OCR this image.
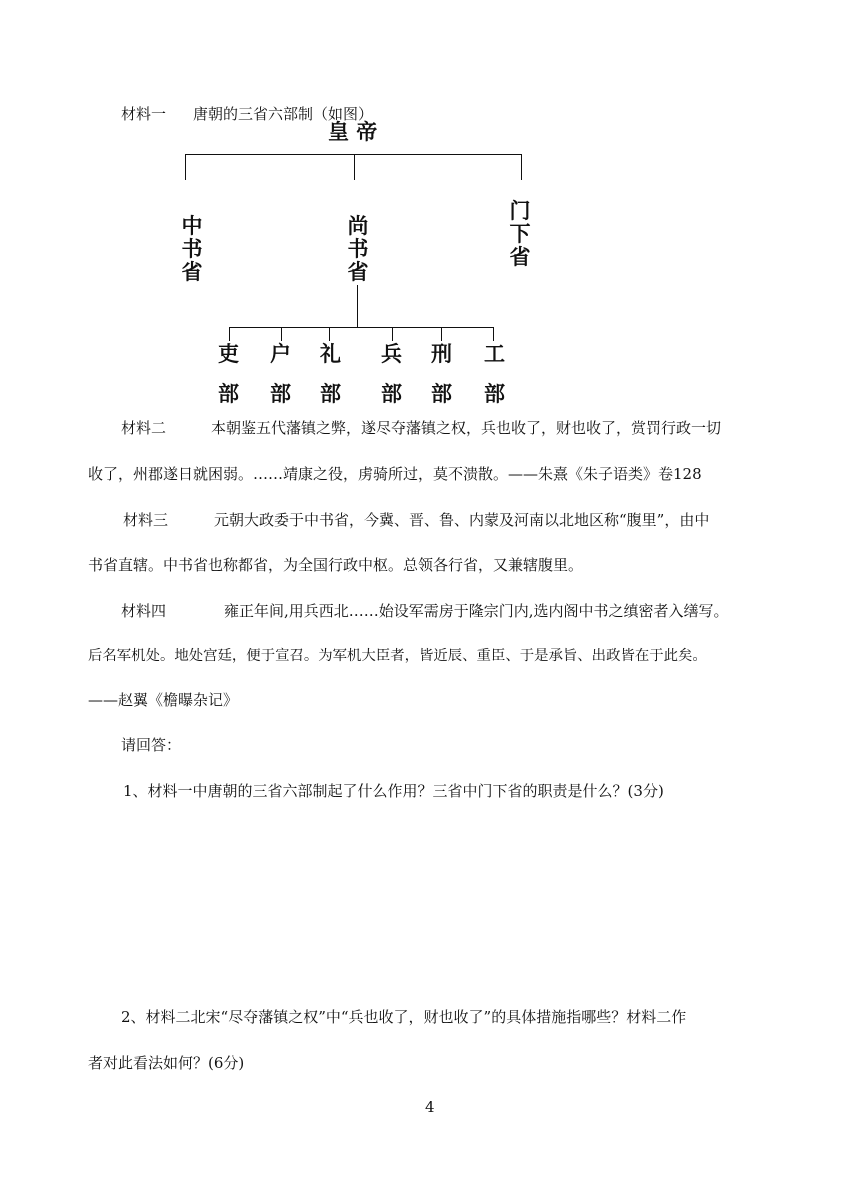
材料一 唐朝的三省六部制（如图）
皇 帝
中书省
尚书省
门下省
吏 户 礼 兵 刑 工
部 部 部 部 部 部
材料二	本朝鉴五代藩镇之弊，遂尽夺藩镇之权，兵也收了，财也收了，赏罚行政一切
收了，州郡遂日就困弱。……靖康之役，虏骑所过，莫不溃散。——朱熹《朱子语类》卷128
材料三	元朝大政委于中书省，今冀、晋、鲁、内蒙及河南以北地区称“腹里”，由中
书省直辖。中书省也称都省，为全国行政中枢。总领各行省，又兼辖腹里。
材料四	雍正年间,用兵西北……始设军需房于隆宗门内,选内阁中书之缜密者入缮写。
后名军机处。地处宫廷，便于宣召。为军机大臣者，皆近辰、重臣、于是承旨、出政皆在于此矣。
——赵翼《檐曝杂记》
请回答：
1、材料一中唐朝的三省六部制起了什么作用？三省中门下省的职责是什么？(3分)
2、材料二北宋“尽夺藩镇之权”中“兵也收了，财也收了”的具体措施指哪些？材料二作
者对此看法如何？(6分)
4
